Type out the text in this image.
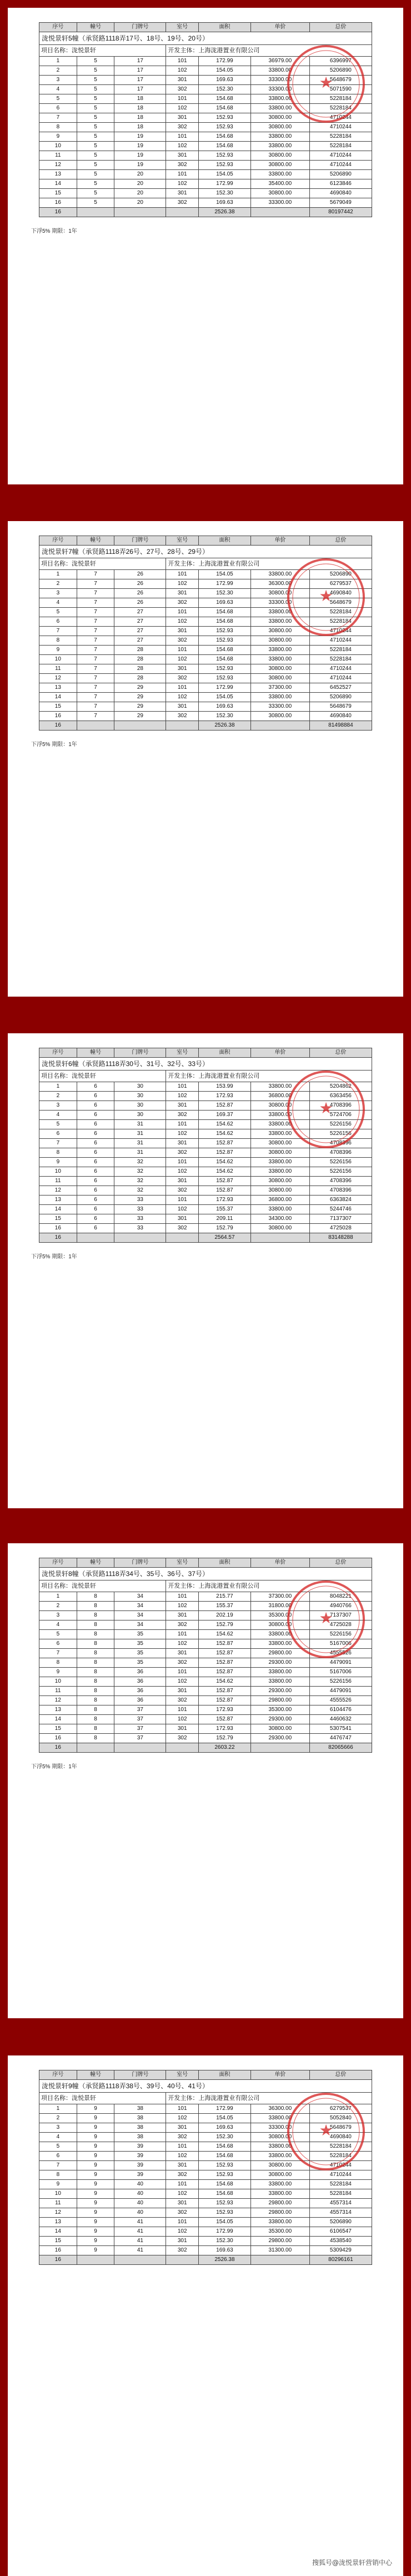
泷悦景轩5幢（承贤路1118弄17号、18号、19号、20号）						
项目名称：泷悦景轩			开发主体：上海泷港置业有限公司			
序号	幢号	门牌号	室号	面积	单价	总价
1	5	17	101	172.99	36979.00	6396997
2	5	17	102	154.05	33800.00	5206890
3	5	17	301	169.63	33300.00	5648679
4	5	17	302	152.30	33300.00	5071590
5	5	18	101	154.68	33800.00	5228184
6	5	18	102	154.68	33800.00	5228184
7	5	18	301	152.93	30800.00	4710244
8	5	18	302	152.93	30800.00	4710244
9	5	19	101	154.68	33800.00	5228184
10	5	19	102	154.68	33800.00	5228184
11	5	19	301	152.93	30800.00	4710244
12	5	19	302	152.93	30800.00	4710244
13	5	20	101	154.05	33800.00	5206890
14	5	20	102	172.99	35400.00	6123846
15	5	20	301	152.30	30800.00	4690840
16	5	20	302	169.63	33300.00	5679049
16				2526.38		80197442
★
下浮5% 期限：1年
泷悦景轩7幢（承贤路1118弄26号、27号、28号、29号）						
项目名称：泷悦景轩			开发主体：上海泷港置业有限公司			
序号	幢号	门牌号	室号	面积	单价	总价
1	7	26	101	154.05	33800.00	5206890
2	7	26	102	172.99	36300.00	6279537
3	7	26	301	152.30	30800.00	4690840
4	7	26	302	169.63	33300.00	5648679
5	7	27	101	154.68	33800.00	5228184
6	7	27	102	154.68	33800.00	5228184
7	7	27	301	152.93	30800.00	4710244
8	7	27	302	152.93	30800.00	4710244
9	7	28	101	154.68	33800.00	5228184
10	7	28	102	154.68	33800.00	5228184
11	7	28	301	152.93	30800.00	4710244
12	7	28	302	152.93	30800.00	4710244
13	7	29	101	172.99	37300.00	6452527
14	7	29	102	154.05	33800.00	5206890
15	7	29	301	169.63	33300.00	5648679
16	7	29	302	152.30	30800.00	4690840
16				2526.38		81498884
★
下浮5% 期限：1年
泷悦景轩6幢（承贤路1118弄30号、31号、32号、33号）						
项目名称：泷悦景轩			开发主体：上海泷港置业有限公司			
序号	幢号	门牌号	室号	面积	单价	总价
1	6	30	101	153.99	33800.00	5204862
2	6	30	102	172.93	36800.00	6363456
3	6	30	301	152.87	30800.00	4708396
4	6	30	302	169.37	33800.00	5724706
5	6	31	101	154.62	33800.00	5226156
6	6	31	102	154.62	33800.00	5226156
7	6	31	301	152.87	30800.00	4708396
8	6	31	302	152.87	30800.00	4708396
9	6	32	101	154.62	33800.00	5226156
10	6	32	102	154.62	33800.00	5226156
11	6	32	301	152.87	30800.00	4708396
12	6	32	302	152.87	30800.00	4708396
13	6	33	101	172.93	36800.00	6363824
14	6	33	102	155.37	33800.00	5244746
15	6	33	301	209.11	34300.00	7137307
16	6	33	302	152.79	30800.00	4725028
16				2564.57		83148288
★
下浮5% 期限：1年
泷悦景轩8幢（承贤路1118弄34号、35号、36号、37号）						
项目名称：泷悦景轩			开发主体：上海泷港置业有限公司			
序号	幢号	门牌号	室号	面积	单价	总价
1	8	34	101	215.77	37300.00	8048221
2	8	34	102	155.37	31800.00	4940766
3	8	34	301	202.19	35300.00	7137307
4	8	34	302	152.79	30800.00	4725028
5	8	35	101	154.62	33800.00	5226156
6	8	35	102	152.87	33800.00	5167006
7	8	35	301	152.87	29800.00	4555526
8	8	35	302	152.87	29300.00	4479091
9	8	36	101	152.87	33800.00	5167006
10	8	36	102	154.62	33800.00	5226156
11	8	36	301	152.87	29300.00	4479091
12	8	36	302	152.87	29800.00	4555526
13	8	37	101	172.93	35300.00	6104476
14	8	37	102	152.87	29300.00	4460632
15	8	37	301	172.93	30800.00	5307541
16	8	37	302	152.79	29300.00	4476747
16				2603.22		82065666
★
下浮5% 期限：1年
泷悦景轩9幢（承贤路1118弄38号、39号、40号、41号）						
项目名称：泷悦景轩			开发主体：上海泷港置业有限公司			
序号	幢号	门牌号	室号	面积	单价	总价
1	9	38	101	172.99	36300.00	6279537
2	9	38	102	154.05	33800.00	5052840
3	9	38	301	169.63	33300.00	5648679
4	9	38	302	152.30	30800.00	4690840
5	9	39	101	154.68	33800.00	5228184
6	9	39	102	154.68	33800.00	5228184
7	9	39	301	152.93	30800.00	4710244
8	9	39	302	152.93	30800.00	4710244
9	9	40	101	154.68	33800.00	5228184
10	9	40	102	154.68	33800.00	5228184
11	9	40	301	152.93	29800.00	4557314
12	9	40	302	152.93	29800.00	4557314
13	9	41	101	154.05	33800.00	5206890
14	9	41	102	172.99	35300.00	6106547
15	9	41	301	152.30	29800.00	4538540
16	9	41	302	169.63	31300.00	5309429
16				2526.38		80296161
★
搜狐号@泷悦景轩营销中心
